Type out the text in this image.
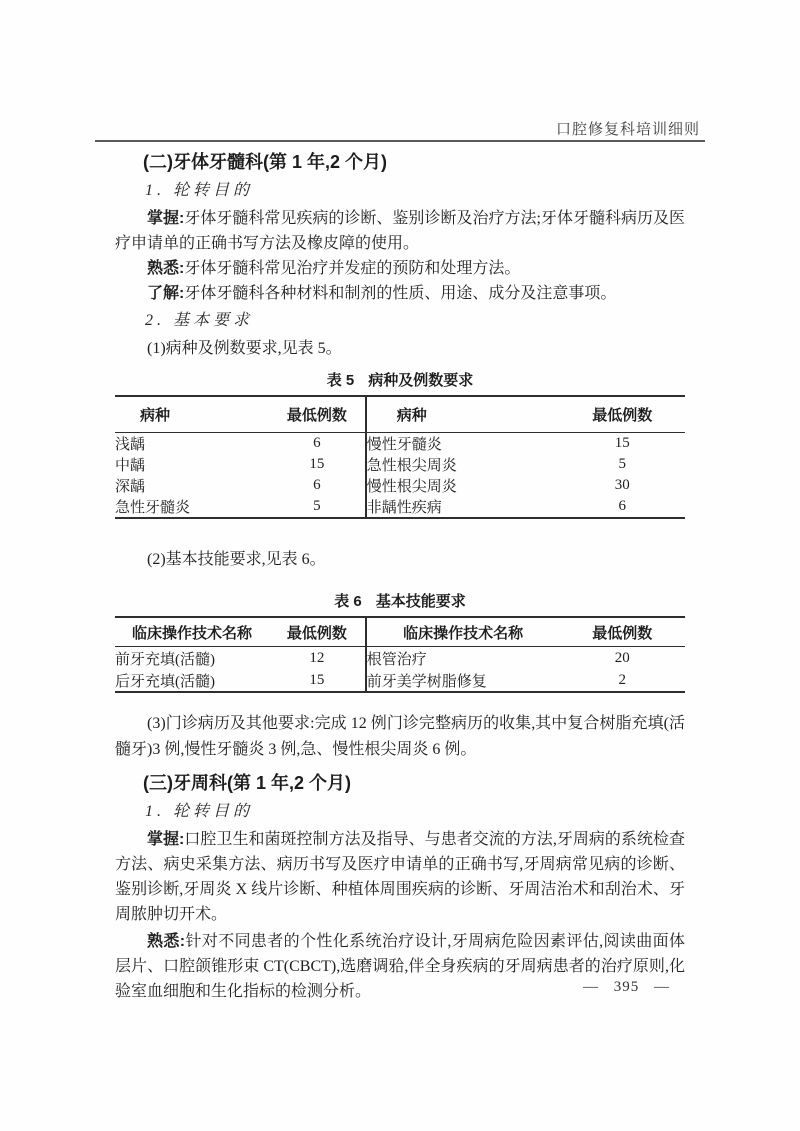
口腔修复科培训细则
(二)牙体牙髓科(第 1 年,2 个月)
1. 轮转目的

掌握:牙体牙髓科常见疾病的诊断、鉴别诊断及治疗方法;牙体牙髓科病历及医疗申请单的正确书写方法及橡皮障的使用。

熟悉:牙体牙髓科常见治疗并发症的预防和处理方法。

了解:牙体牙髓科各种材料和制剂的性质、用途、成分及注意事项。

2. 基本要求

(1)病种及例数要求,见表 5。

表 5 病种及例数要求
病种	最低例数	病种	最低例数
浅龋	6	慢性牙髓炎	15
中龋	15	急性根尖周炎	5
深龋	6	慢性根尖周炎	30
急性牙髓炎	5	非龋性疾病	6

(2)基本技能要求,见表 6。

表 6 基本技能要求
临床操作技术名称	最低例数	临床操作技术名称	最低例数
前牙充填(活髓)	12	根管治疗	20
后牙充填(活髓)	15	前牙美学树脂修复	2

(3)门诊病历及其他要求:完成 12 例门诊完整病历的收集,其中复合树脂充填(活髓牙)3 例,慢性牙髓炎 3 例,急、慢性根尖周炎 6 例。

(三)牙周科(第 1 年,2 个月)
1. 轮转目的

掌握:口腔卫生和菌斑控制方法及指导、与患者交流的方法,牙周病的系统检查方法、病史采集方法、病历书写及医疗申请单的正确书写,牙周病常见病的诊断、鉴别诊断,牙周炎 X 线片诊断、种植体周围疾病的诊断、牙周洁治术和刮治术、牙周脓肿切开术。

熟悉:针对不同患者的个性化系统治疗设计,牙周病危险因素评估,阅读曲面体层片、口腔颌锥形束 CT(CBCT),选磨调𬌗,伴全身疾病的牙周病患者的治疗原则,化验室血细胞和生化指标的检测分析。	— 395 —
